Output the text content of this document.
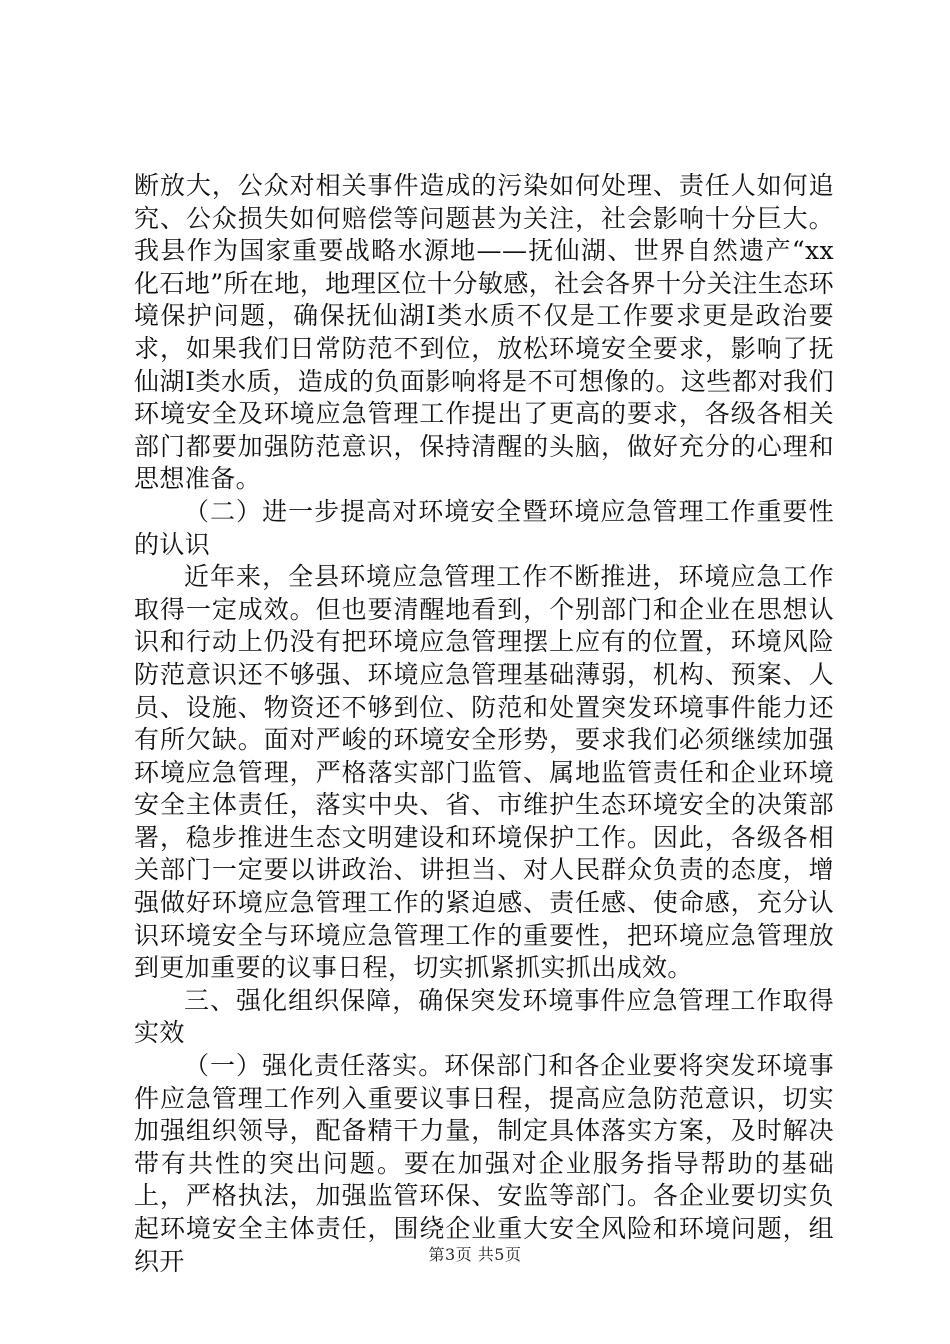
断放大，公众对相关事件造成的污染如何处理、责任人如何追究、公众损失如何赔偿等问题甚为关注，社会影响十分巨大。我县作为国家重要战略水源地——抚仙湖、世界自然遗产“xx化石地”所在地，地理区位十分敏感，社会各界十分关注生态环境保护问题，确保抚仙湖Ⅰ类水质不仅是工作要求更是政治要求，如果我们日常防范不到位，放松环境安全要求，影响了抚仙湖Ⅰ类水质，造成的负面影响将是不可想像的。这些都对我们环境安全及环境应急管理工作提出了更高的要求，各级各相关部门都要加强防范意识，保持清醒的头脑，做好充分的心理和思想准备。

（二）进一步提高对环境安全暨环境应急管理工作重要性的认识

近年来，全县环境应急管理工作不断推进，环境应急工作取得一定成效。但也要清醒地看到，个别部门和企业在思想认识和行动上仍没有把环境应急管理摆上应有的位置，环境风险防范意识还不够强、环境应急管理基础薄弱，机构、预案、人员、设施、物资还不够到位、防范和处置突发环境事件能力还有所欠缺。面对严峻的环境安全形势，要求我们必须继续加强环境应急管理，严格落实部门监管、属地监管责任和企业环境安全主体责任，落实中央、省、市维护生态环境安全的决策部署，稳步推进生态文明建设和环境保护工作。因此，各级各相关部门一定要以讲政治、讲担当、对人民群众负责的态度，增强做好环境应急管理工作的紧迫感、责任感、使命感，充分认识环境安全与环境应急管理工作的重要性，把环境应急管理放到更加重要的议事日程，切实抓紧抓实抓出成效。

三、强化组织保障，确保突发环境事件应急管理工作取得实效

（一）强化责任落实。环保部门和各企业要将突发环境事件应急管理工作列入重要议事日程，提高应急防范意识，切实加强组织领导，配备精干力量，制定具体落实方案，及时解决带有共性的突出问题。要在加强对企业服务指导帮助的基础上，严格执法，加强监管环保、安监等部门。各企业要切实负起环境安全主体责任，围绕企业重大安全风险和环境问题，组织开	第3页 共5页
